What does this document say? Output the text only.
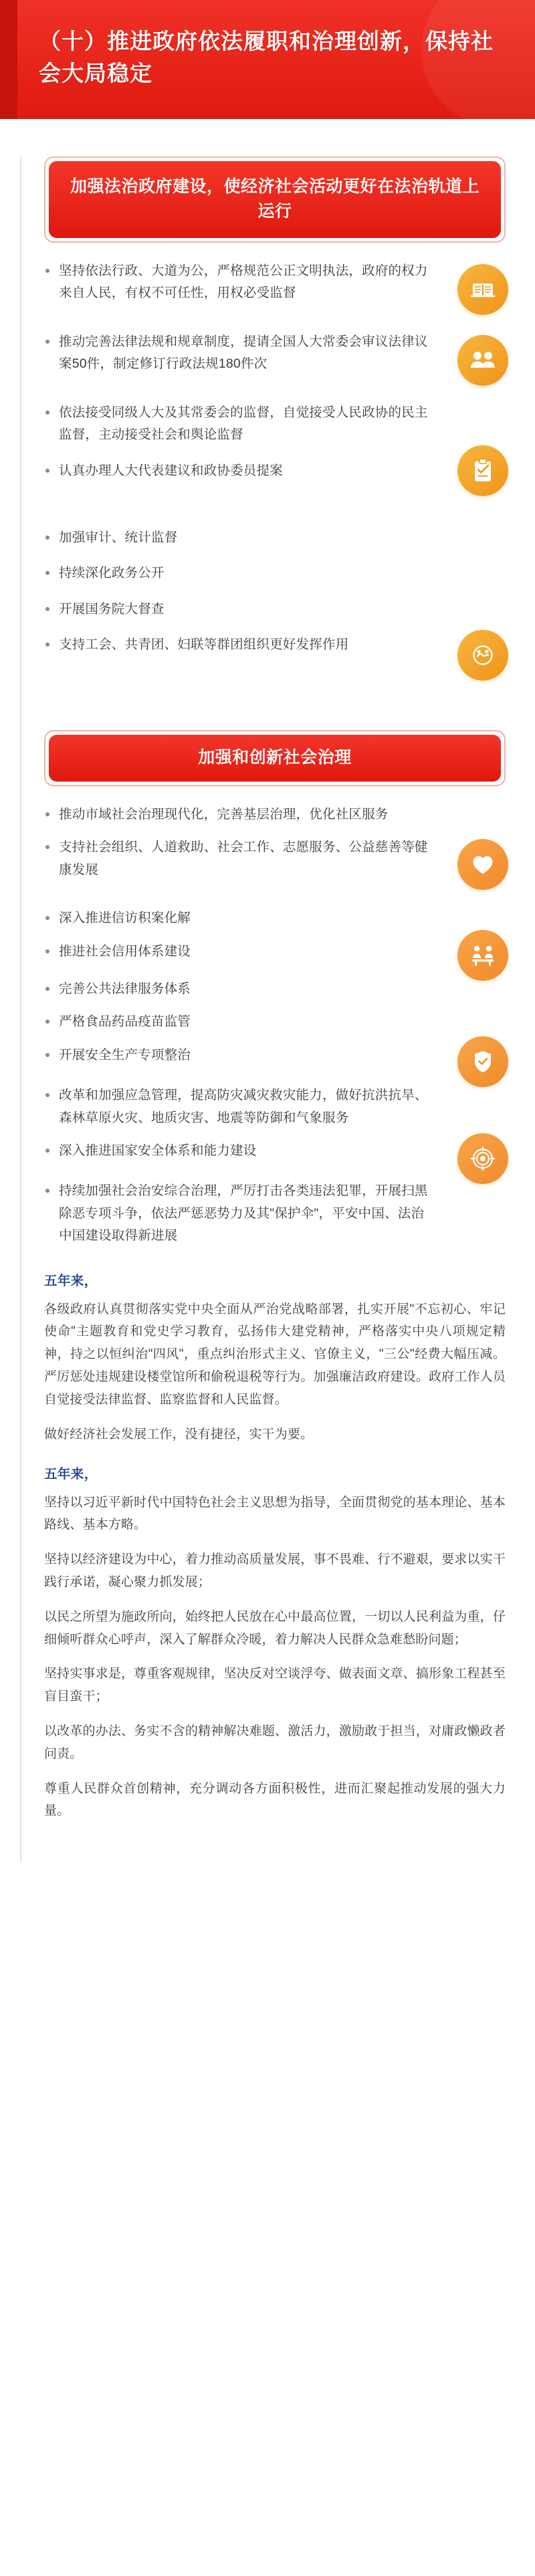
（十）推进政府依法履职和治理创新，保持社会大局稳定
加强法治政府建设，使经济社会活动更好在法治轨道上运行
坚持依法行政、大道为公，严格规范公正文明执法，政府的权力来自人民，有权不可任性，用权必受监督
推动完善法律法规和规章制度，提请全国人大常委会审议法律议案50件，制定修订行政法规180件次
依法接受同级人大及其常委会的监督，自觉接受人民政协的民主监督，主动接受社会和舆论监督
认真办理人大代表建议和政协委员提案
加强审计、统计监督
持续深化政务公开
开展国务院大督查
支持工会、共青团、妇联等群团组织更好发挥作用
加强和创新社会治理
推动市域社会治理现代化，完善基层治理，优化社区服务
支持社会组织、人道救助、社会工作、志愿服务、公益慈善等健康发展
深入推进信访积案化解
推进社会信用体系建设
完善公共法律服务体系
严格食品药品疫苗监管
开展安全生产专项整治
改革和加强应急管理，提高防灾减灾救灾能力，做好抗洪抗旱、森林草原火灾、地质灾害、地震等防御和气象服务
深入推进国家安全体系和能力建设
持续加强社会治安综合治理，严厉打击各类违法犯罪，开展扫黑除恶专项斗争，依法严惩恶势力及其"保护伞"，平安中国、法治中国建设取得新进展
五年来，

各级政府认真贯彻落实党中央全面从严治党战略部署，扎实开展"不忘初心、牢记使命"主题教育和党史学习教育，弘扬伟大建党精神，严格落实中央八项规定精神，持之以恒纠治"四风"，重点纠治形式主义、官僚主义，"三公"经费大幅压减。严厉惩处违规建设楼堂馆所和偷税退税等行为。加强廉洁政府建设。政府工作人员自觉接受法律监督、监察监督和人民监督。

做好经济社会发展工作，没有捷径，实干为要。

五年来，

坚持以习近平新时代中国特色社会主义思想为指导，全面贯彻党的基本理论、基本路线、基本方略。

坚持以经济建设为中心，着力推动高质量发展，事不畏难、行不避艰，要求以实干践行承诺，凝心聚力抓发展；

以民之所望为施政所向，始终把人民放在心中最高位置，一切以人民利益为重，仔细倾听群众心呼声，深入了解群众冷暖，着力解决人民群众急难愁盼问题；

坚持实事求是，尊重客观规律，坚决反对空谈浮夸、做表面文章、搞形象工程甚至盲目蛮干；

以改革的办法、务实不含的精神解决难题、激活力，激励敢于担当，对庸政懒政者问责。

尊重人民群众首创精神，充分调动各方面积极性，进而汇聚起推动发展的强大力量。
